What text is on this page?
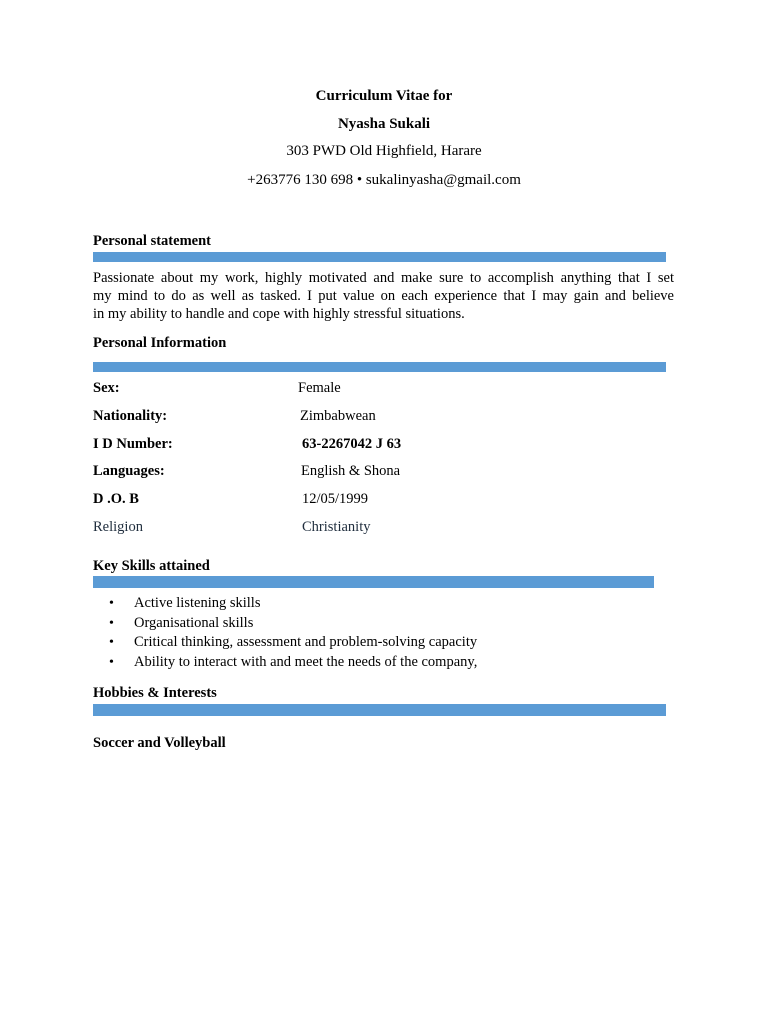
Curriculum Vitae for
Nyasha Sukali
303 PWD Old Highfield, Harare
+263776 130 698 • sukalinyasha@gmail.com
Personal statement
Passionate about my work, highly motivated and make sure to accomplish anything that I set
my mind to do as well as tasked. I put value on each experience that I may gain and believe
in my ability to handle and cope with highly stressful situations.
Personal Information
Sex:	Female
Nationality:	Zimbabwean
I D Number:	63-2267042 J 63
Languages:	English & Shona
D .O. B	12/05/1999
Religion	Christianity
Key Skills attained
• Active listening skills
• Organisational skills
• Critical thinking, assessment and problem-solving capacity
• Ability to interact with and meet the needs of the company,
Hobbies & Interests
Soccer and Volleyball
